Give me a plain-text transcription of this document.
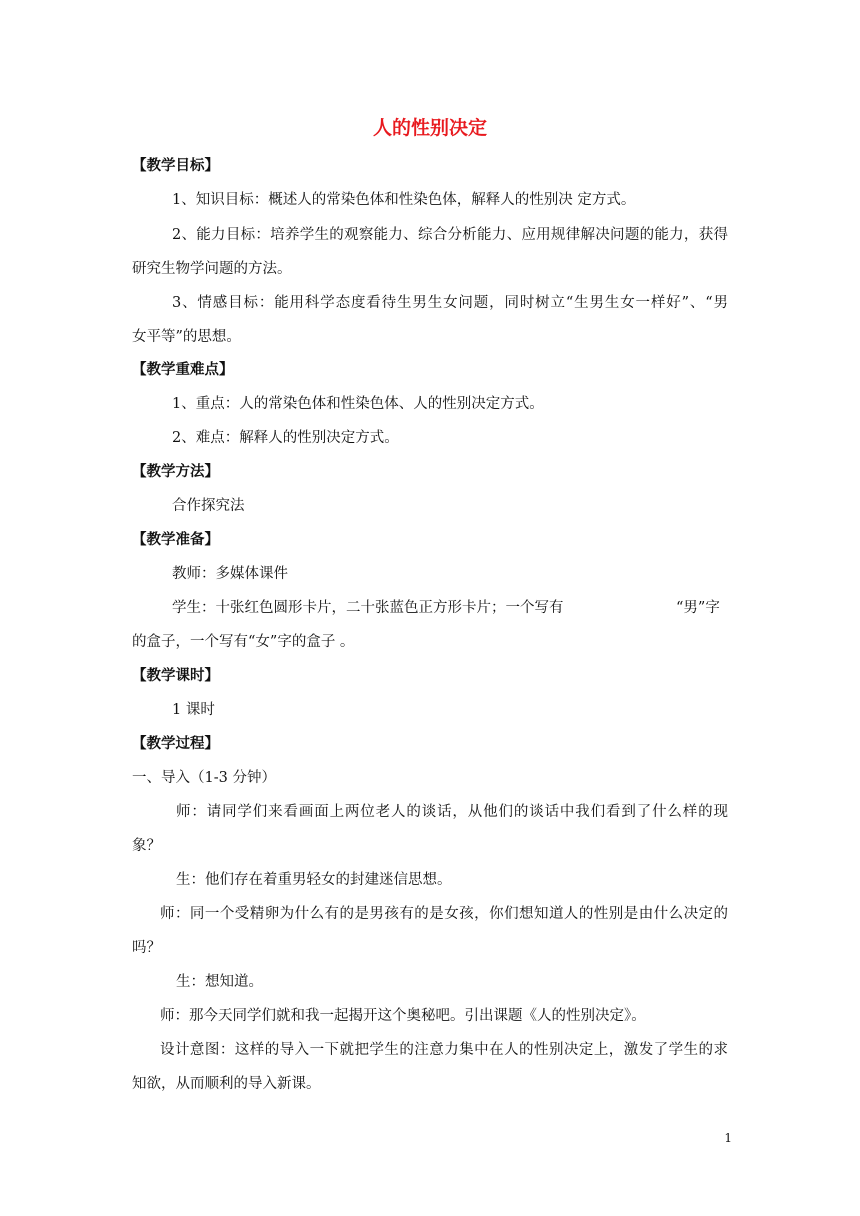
人的性别决定
【教学目标】
1、知识目标：概述人的常染色体和性染色体，解释人的性别决 定方式。
2、能力目标：培养学生的观察能力、综合分析能力、应用规律解决问题的能力，获得
研究生物学问题的方法。
3、情感目标：能用科学态度看待生男生女问题，同时树立“生男生女一样好”、“男
女平等”的思想。
【教学重难点】
1、重点：人的常染色体和性染色体、人的性别决定方式。
2、难点：解释人的性别决定方式。
【教学方法】
合作探究法
【教学准备】
教师：多媒体课件
学生：十张红色圆形卡片，二十张蓝色正方形卡片；一个写有	“男”字
的盒子，一个写有“女”字的盒子 。
【教学课时】
1 课时
【教学过程】
一、导入（1-3 分钟）
师：请同学们来看画面上两位老人的谈话，从他们的谈话中我们看到了什么样的现
象？
生：他们存在着重男轻女的封建迷信思想。
师：同一个受精卵为什么有的是男孩有的是女孩，你们想知道人的性别是由什么决定的
吗？
生：想知道。
师：那今天同学们就和我一起揭开这个奥秘吧。引出课题《人的性别决定》。
设计意图：这样的导入一下就把学生的注意力集中在人的性别决定上，激发了学生的求
知欲，从而顺利的导入新课。
1
